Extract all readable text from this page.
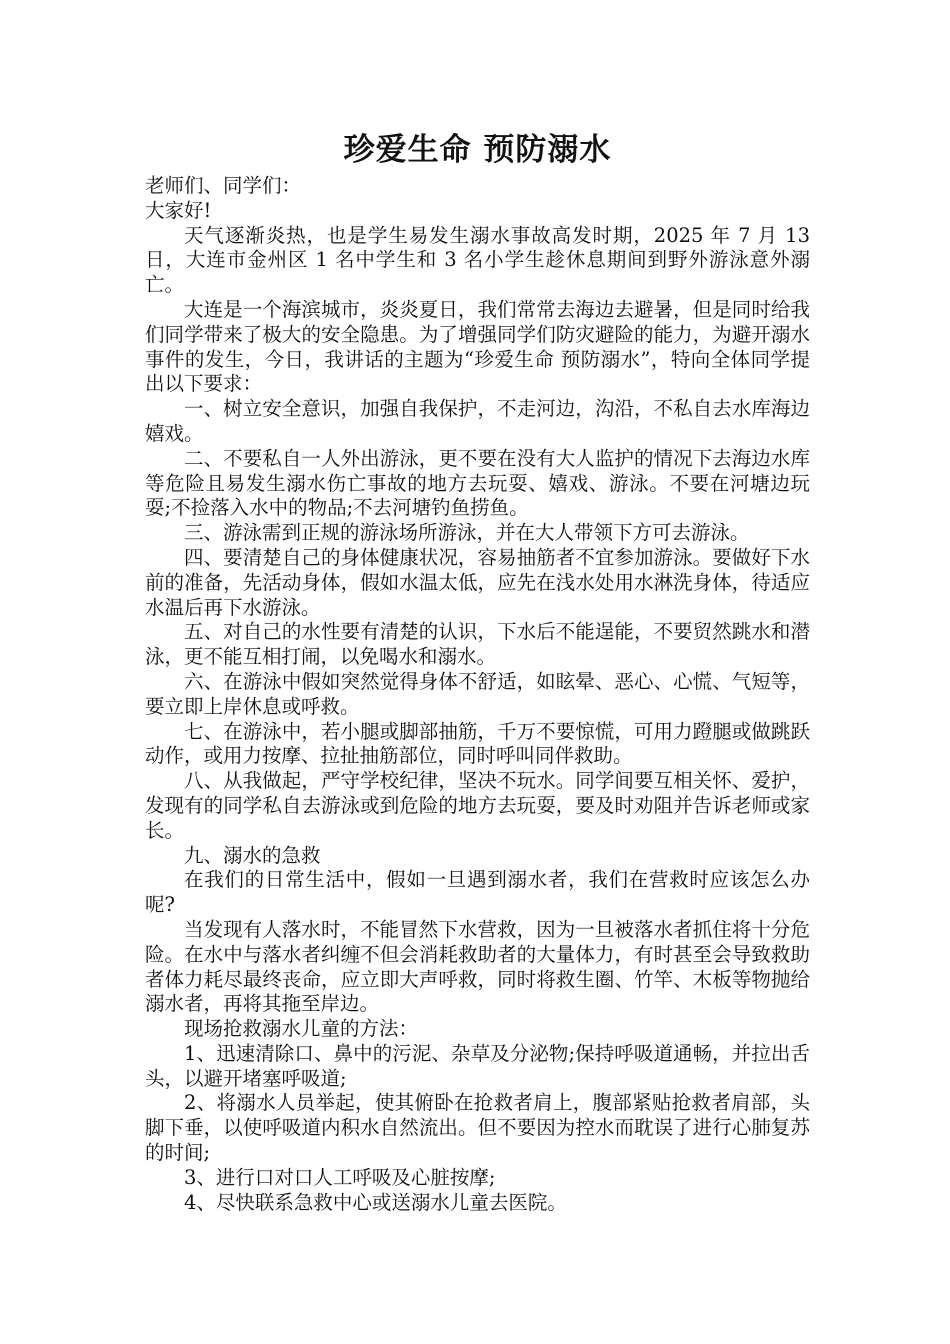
珍爱生命 预防溺水

老师们、同学们：

大家好!

天气逐渐炎热，也是学生易发生溺水事故高发时期，2025 年 7 月 13 日，大连市金州区 1 名中学生和 3 名小学生趁休息期间到野外游泳意外溺亡。

大连是一个海滨城市，炎炎夏日，我们常常去海边去避暑，但是同时给我们同学带来了极大的安全隐患。为了增强同学们防灾避险的能力，为避开溺水事件的发生，今日，我讲话的主题为“珍爱生命 预防溺水”，特向全体同学提出以下要求：

一、树立安全意识，加强自我保护，不走河边，沟沿，不私自去水库海边嬉戏。

二、不要私自一人外出游泳，更不要在没有大人监护的情况下去海边水库等危险且易发生溺水伤亡事故的地方去玩耍、嬉戏、游泳。不要在河塘边玩耍;不捡落入水中的物品;不去河塘钓鱼捞鱼。

三、游泳需到正规的游泳场所游泳，并在大人带领下方可去游泳。

四、要清楚自己的身体健康状况，容易抽筋者不宜参加游泳。要做好下水前的准备，先活动身体，假如水温太低，应先在浅水处用水淋洗身体，待适应水温后再下水游泳。

五、对自己的水性要有清楚的认识，下水后不能逞能，不要贸然跳水和潜泳，更不能互相打闹，以免喝水和溺水。

六、在游泳中假如突然觉得身体不舒适，如眩晕、恶心、心慌、气短等，要立即上岸休息或呼救。

七、在游泳中，若小腿或脚部抽筋，千万不要惊慌，可用力蹬腿或做跳跃动作，或用力按摩、拉扯抽筋部位，同时呼叫同伴救助。

八、从我做起，严守学校纪律，坚决不玩水。同学间要互相关怀、爱护，发现有的同学私自去游泳或到危险的地方去玩耍，要及时劝阻并告诉老师或家长。

九、溺水的急救

在我们的日常生活中，假如一旦遇到溺水者，我们在营救时应该怎么办呢?

当发现有人落水时，不能冒然下水营救，因为一旦被落水者抓住将十分危险。在水中与落水者纠缠不但会消耗救助者的大量体力，有时甚至会导致救助者体力耗尽最终丧命，应立即大声呼救，同时将救生圈、竹竿、木板等物抛给溺水者，再将其拖至岸边。

现场抢救溺水儿童的方法：

1、迅速清除口、鼻中的污泥、杂草及分泌物;保持呼吸道通畅，并拉出舌头，以避开堵塞呼吸道;

2、将溺水人员举起，使其俯卧在抢救者肩上，腹部紧贴抢救者肩部，头脚下垂，以使呼吸道内积水自然流出。但不要因为控水而耽误了进行心肺复苏的时间;

3、进行口对口人工呼吸及心脏按摩;

4、尽快联系急救中心或送溺水儿童去医院。
